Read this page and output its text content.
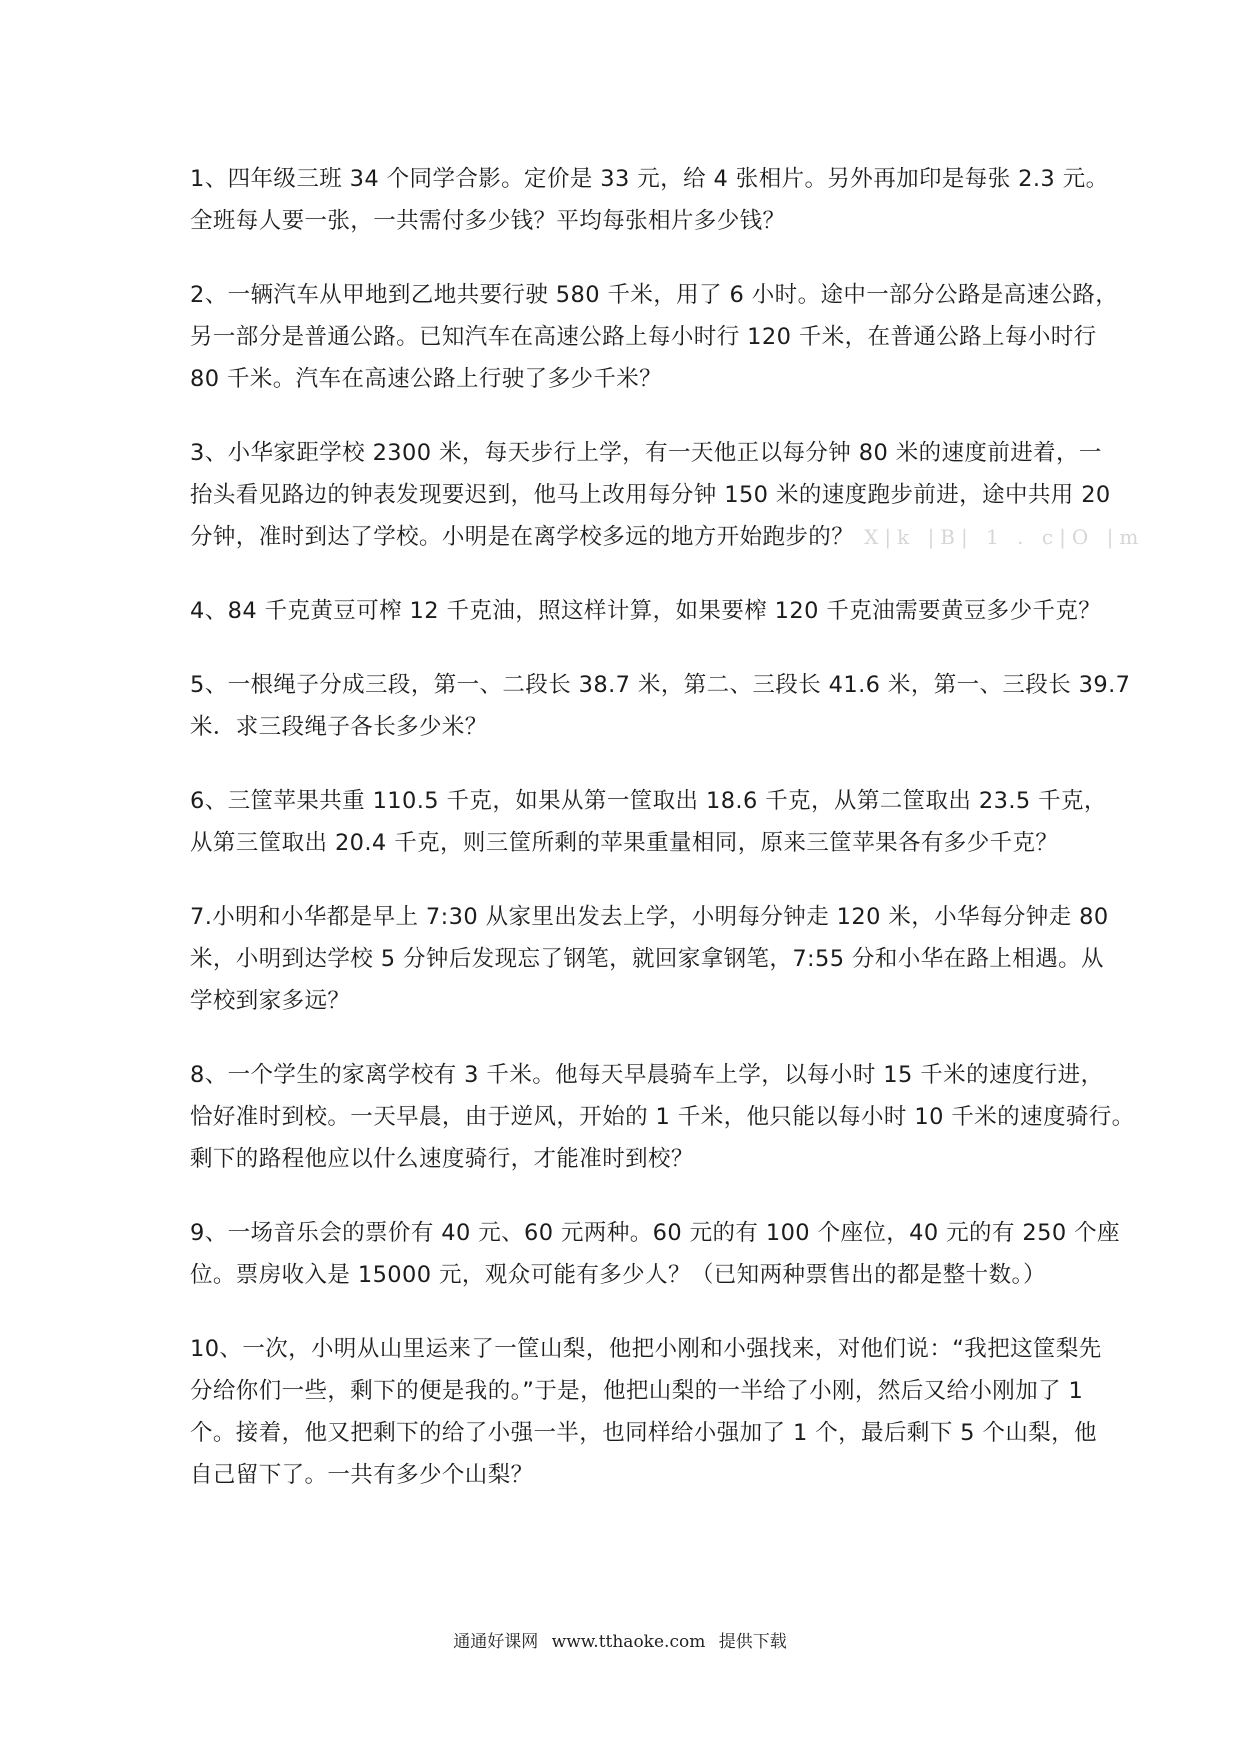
1、四年级三班 34 个同学合影。定价是 33 元，给 4 张相片。另外再加印是每张 2.3 元。
全班每人要一张，一共需付多少钱？平均每张相片多少钱？
2、一辆汽车从甲地到乙地共要行驶 580 千米，用了 6 小时。途中一部分公路是高速公路，
另一部分是普通公路。已知汽车在高速公路上每小时行 120 千米，在普通公路上每小时行
80 千米。汽车在高速公路上行驶了多少千米？
3、小华家距学校 2300 米，每天步行上学，有一天他正以每分钟 80 米的速度前进着，一
抬头看见路边的钟表发现要迟到，他马上改用每分钟 150 米的速度跑步前进，途中共用 20
分钟，准时到达了学校。小明是在离学校多远的地方开始跑步的？ X|k |B| 1 . c|O |m
4、84 千克黄豆可榨 12 千克油，照这样计算，如果要榨 120 千克油需要黄豆多少千克？
5、一根绳子分成三段，第一、二段长 38.7 米，第二、三段长 41.6 米，第一、三段长 39.7
米．求三段绳子各长多少米？
6、三筐苹果共重 110.5 千克，如果从第一筐取出 18.6 千克，从第二筐取出 23.5 千克，
从第三筐取出 20.4 千克，则三筐所剩的苹果重量相同，原来三筐苹果各有多少千克？
7.小明和小华都是早上 7:30 从家里出发去上学，小明每分钟走 120 米，小华每分钟走 80
米，小明到达学校 5 分钟后发现忘了钢笔，就回家拿钢笔，7:55 分和小华在路上相遇。从
学校到家多远？
8、一个学生的家离学校有 3 千米。他每天早晨骑车上学，以每小时 15 千米的速度行进，
恰好准时到校。一天早晨，由于逆风，开始的 1 千米，他只能以每小时 10 千米的速度骑行。
剩下的路程他应以什么速度骑行，才能准时到校？
9、一场音乐会的票价有 40 元、60 元两种。60 元的有 100 个座位，40 元的有 250 个座
位。票房收入是 15000 元，观众可能有多少人？（已知两种票售出的都是整十数。）
10、一次，小明从山里运来了一筐山梨，他把小刚和小强找来，对他们说：“我把这筐梨先
分给你们一些，剩下的便是我的。”于是，他把山梨的一半给了小刚，然后又给小刚加了 1
个。接着，他又把剩下的给了小强一半，也同样给小强加了 1 个，最后剩下 5 个山梨，他
自己留下了。一共有多少个山梨？
通通好课网 www.tthaoke.com 提供下载
